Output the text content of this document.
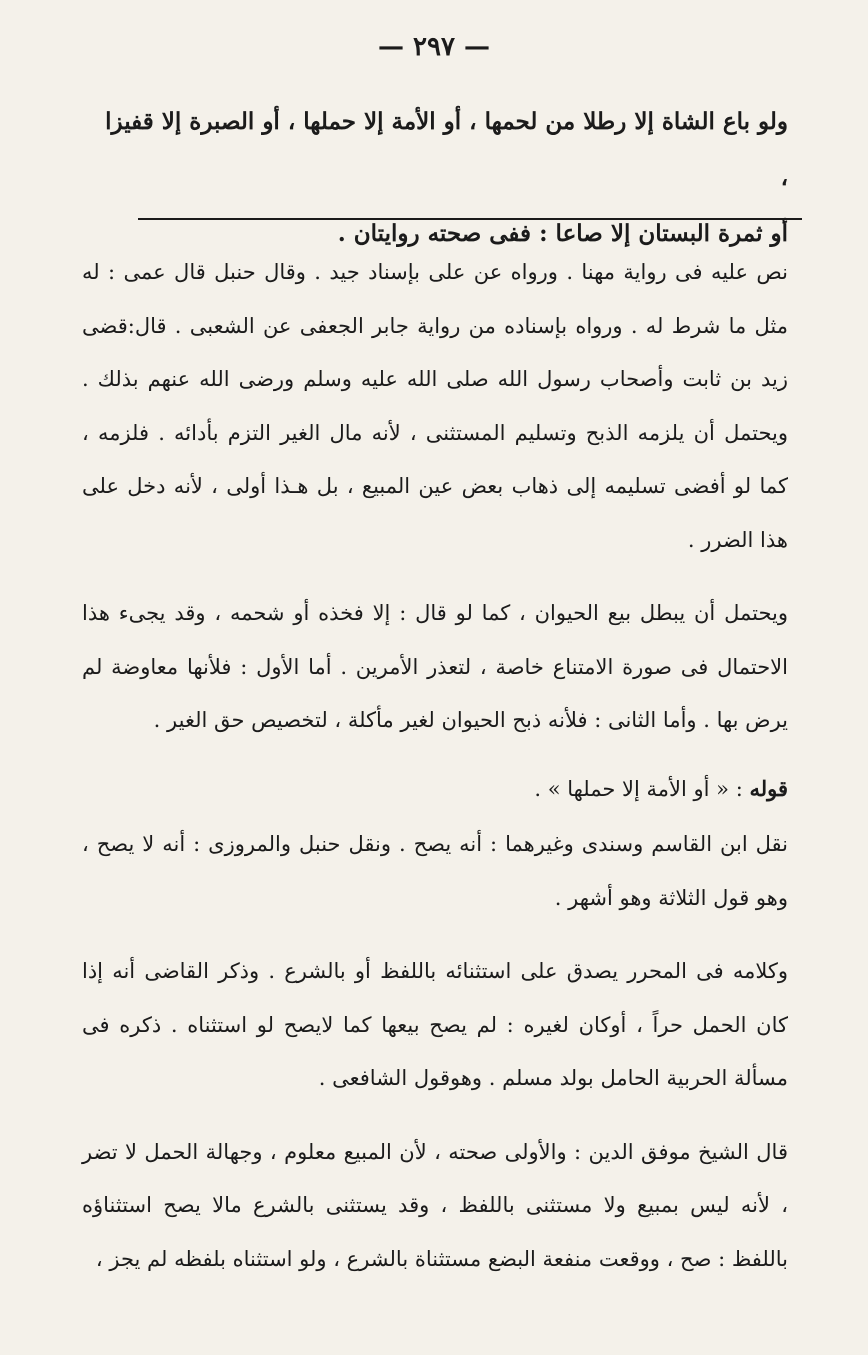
— ٢٩٧ —

ولو باع الشاة إلا رطلا من لحمها ، أو الأمة إلا حملها ، أو الصبرة إلا قفيزا ،

أو ثمرة البستان إلا صاعا : ففى صحته روايتان .

نص عليه فى رواية مهنا . ورواه عن على بإسناد جيد . وقال حنبل قال عمى : له مثل ما شرط له . ورواه بإسناده من رواية جابر الجعفى عن الشعبى . قال:قضى زيد بن ثابت وأصحاب رسول الله صلى الله عليه وسلم ورضى الله عنهم بذلك . ويحتمل أن يلزمه الذبح وتسليم المستثنى ، لأنه مال الغير التزم بأدائه . فلزمه ، كما لو أفضى تسليمه إلى ذهاب بعض عين المبيع ، بل هـذا أولى ، لأنه دخل على هذا الضرر .

ويحتمل أن يبطل بيع الحيوان ، كما لو قال : إلا فخذه أو شحمه ، وقد يجىء هذا الاحتمال فى صورة الامتناع خاصة ، لتعذر الأمرين . أما الأول : فلأنها معاوضة لم يرض بها . وأما الثانى : فلأنه ذبح الحيوان لغير مأكلة ، لتخصيص حق الغير .

قوله : « أو الأمة إلا حملها » .

نقل ابن القاسم وسندى وغيرهما : أنه يصح . ونقل حنبل والمروزى : أنه لا يصح ، وهو قول الثلاثة وهو أشهر .

وكلامه فى المحرر يصدق على استثنائه باللفظ أو بالشرع . وذكر القاضى أنه إذا كان الحمل حراً ، أوكان لغيره : لم يصح بيعها كما لايصح لو استثناه . ذكره فى مسألة الحربية الحامل بولد مسلم . وهوقول الشافعى .

قال الشيخ موفق الدين : والأولى صحته ، لأن المبيع معلوم ، وجهالة الحمل لا تضر ، لأنه ليس بمبيع ولا مستثنى باللفظ ، وقد يستثنى بالشرع مالا يصح استثناؤه باللفظ : صح ، ووقعت منفعة البضع مستثناة بالشرع ، ولو استثناه بلفظه لم يجز ،
